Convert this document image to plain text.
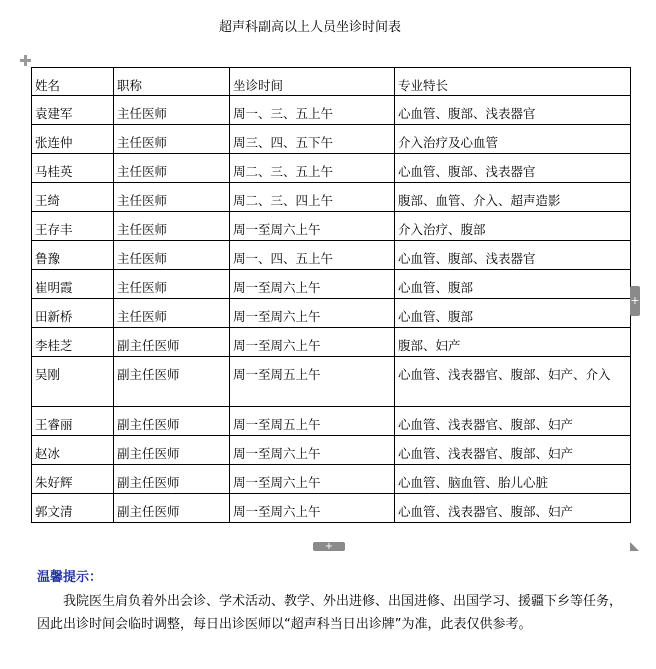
超声科副高以上人员坐诊时间表
姓名	职称	坐诊时间	专业特长
袁建军	主任医师	周一、三、五上午	心血管、腹部、浅表器官
张连仲	主任医师	周三、四、五下午	介入治疗及心血管
马桂英	主任医师	周二、三、五上午	心血管、腹部、浅表器官
王绮	主任医师	周二、三、四上午	腹部、血管、介入、超声造影
王存丰	主任医师	周一至周六上午	介入治疗、腹部
鲁豫	主任医师	周一、四、五上午	心血管、腹部、浅表器官
崔明霞	主任医师	周一至周六上午	心血管、腹部
田新桥	主任医师	周一至周六上午	心血管、腹部
李桂芝	副主任医师	周一至周六上午	腹部、妇产
吴刚	副主任医师	周一至周五上午	心血管、浅表器官、腹部、妇产、介入
王睿丽	副主任医师	周一至周五上午	心血管、浅表器官、腹部、妇产
赵冰	副主任医师	周一至周六上午	心血管、浅表器官、腹部、妇产
朱好辉	副主任医师	周一至周六上午	心血管、脑血管、胎儿心脏
郭文清	副主任医师	周一至周六上午	心血管、浅表器官、腹部、妇产
+
+
温馨提示：
我院医生肩负着外出会诊、学术活动、教学、外出进修、出国进修、出国学习、援疆下乡等任务，因此出诊时间会临时调整，每日出诊医师以“超声科当日出诊牌”为准，此表仅供参考。
